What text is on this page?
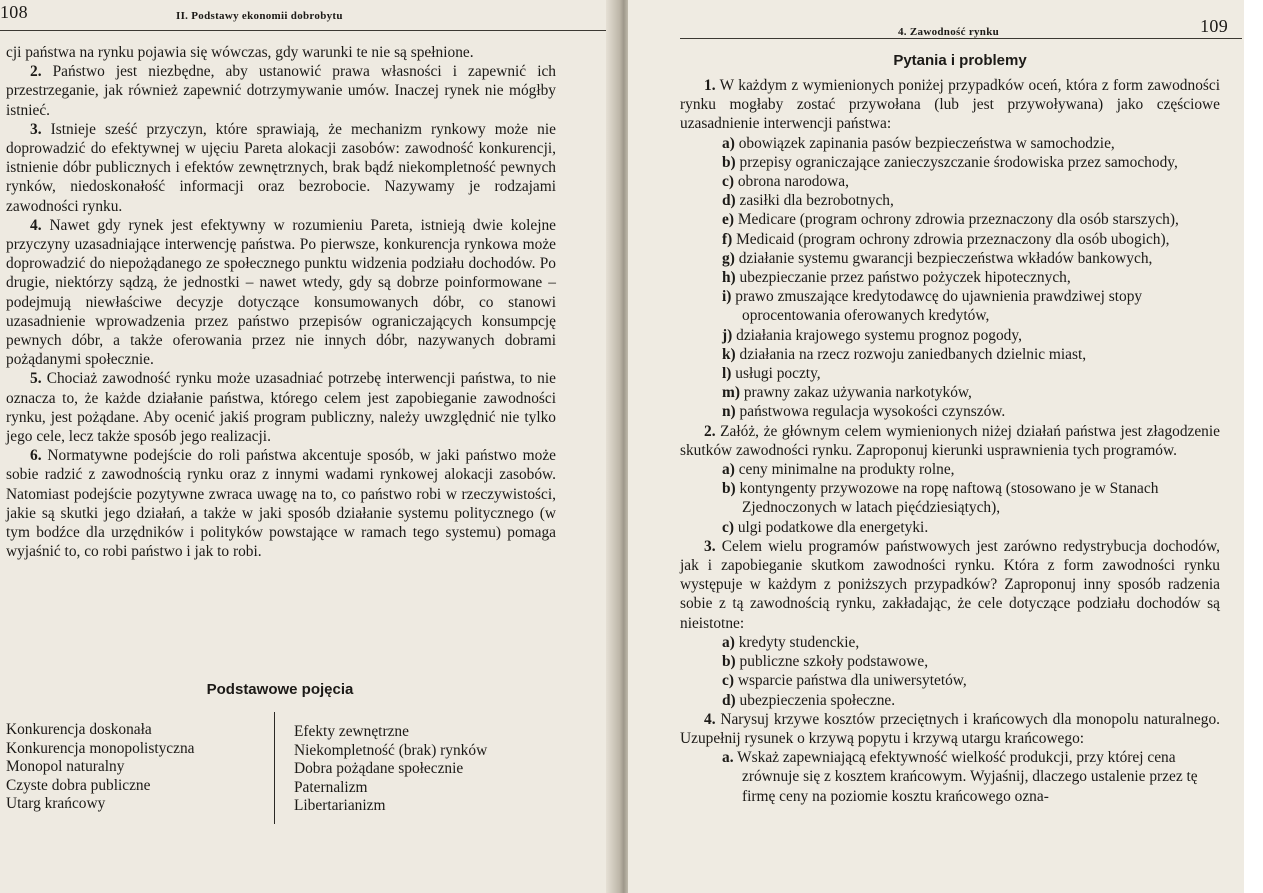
108	II. Podstawy ekonomii dobrobytu

cji państwa na rynku pojawia się wówczas, gdy warunki te nie są spełnione.

2. Państwo jest niezbędne, aby ustanowić prawa własności i zapewnić ich przestrzeganie, jak również zapewnić dotrzymywanie umów. Inaczej rynek nie mógłby istnieć.

3. Istnieje sześć przyczyn, które sprawiają, że mechanizm rynkowy może nie doprowadzić do efektywnej w ujęciu Pareta alokacji zasobów: zawodność konkurencji, istnienie dóbr publicznych i efektów zewnętrznych, brak bądź niekompletność pewnych rynków, niedoskonałość informacji oraz bezrobocie. Nazywamy je rodzajami zawodności rynku.

4. Nawet gdy rynek jest efektywny w rozumieniu Pareta, istnieją dwie kolejne przyczyny uzasadniające interwencję państwa. Po pierwsze, konkurencja rynkowa może doprowadzić do niepożądanego ze społecznego punktu widzenia podziału dochodów. Po drugie, niektórzy sądzą, że jednostki – nawet wtedy, gdy są dobrze poinformowane – podejmują niewłaściwe decyzje dotyczące konsumowanych dóbr, co stanowi uzasadnienie wprowadzenia przez państwo przepisów ograniczających konsumpcję pewnych dóbr, a także oferowania przez nie innych dóbr, nazywanych dobrami pożądanymi społecznie.

5. Chociaż zawodność rynku może uzasadniać potrzebę interwencji państwa, to nie oznacza to, że każde działanie państwa, którego celem jest zapobieganie zawodności rynku, jest pożądane. Aby ocenić jakiś program publiczny, należy uwzględnić nie tylko jego cele, lecz także sposób jego realizacji.

6. Normatywne podejście do roli państwa akcentuje sposób, w jaki państwo może sobie radzić z zawodnością rynku oraz z innymi wadami rynkowej alokacji zasobów. Natomiast podejście pozytywne zwraca uwagę na to, co państwo robi w rzeczywistości, jakie są skutki jego działań, a także w jaki sposób działanie systemu politycznego (w tym bodźce dla urzędników i polityków powstające w ramach tego systemu) pomaga wyjaśnić to, co robi państwo i jak to robi.

Podstawowe pojęcia
Konkurencja doskonała
Konkurencja monopolistyczna
Monopol naturalny
Czyste dobra publiczne
Utarg krańcowy
Efekty zewnętrzne
Niekompletność (brak) rynków
Dobra pożądane społecznie
Paternalizm
Libertarianizm
4. Zawodność rynku	109
Pytania i problemy

1. W każdym z wymienionych poniżej przypadków oceń, która z form zawodności rynku mogłaby zostać przywołana (lub jest przywoływana) jako częściowe uzasadnienie interwencji państwa:

a) obowiązek zapinania pasów bezpieczeństwa w samochodzie,
b) przepisy ograniczające zanieczyszczanie środowiska przez samochody,
c) obrona narodowa,
d) zasiłki dla bezrobotnych,
e) Medicare (program ochrony zdrowia przeznaczony dla osób starszych),
f) Medicaid (program ochrony zdrowia przeznaczony dla osób ubogich),
g) działanie systemu gwarancji bezpieczeństwa wkładów bankowych,
h) ubezpieczanie przez państwo pożyczek hipotecznych,
i) prawo zmuszające kredytodawcę do ujawnienia prawdziwej stopy oprocentowania oferowanych kredytów,
j) działania krajowego systemu prognoz pogody,
k) działania na rzecz rozwoju zaniedbanych dzielnic miast,
l) usługi poczty,
m) prawny zakaz używania narkotyków,
n) państwowa regulacja wysokości czynszów.

2. Załóż, że głównym celem wymienionych niżej działań państwa jest złagodzenie skutków zawodności rynku. Zaproponuj kierunki usprawnienia tych programów.

a) ceny minimalne na produkty rolne,
b) kontyngenty przywozowe na ropę naftową (stosowano je w Stanach Zjednoczonych w latach pięćdziesiątych),
c) ulgi podatkowe dla energetyki.

3. Celem wielu programów państwowych jest zarówno redystrybucja dochodów, jak i zapobieganie skutkom zawodności rynku. Która z form zawodności rynku występuje w każdym z poniższych przypadków? Zaproponuj inny sposób radzenia sobie z tą zawodnością rynku, zakładając, że cele dotyczące podziału dochodów są nieistotne:

a) kredyty studenckie,
b) publiczne szkoły podstawowe,
c) wsparcie państwa dla uniwersytetów,
d) ubezpieczenia społeczne.

4. Narysuj krzywe kosztów przeciętnych i krańcowych dla monopolu naturalnego. Uzupełnij rysunek o krzywą popytu i krzywą utargu krańcowego:

a. Wskaż zapewniającą efektywność wielkość produkcji, przy której cena zrównuje się z kosztem krańcowym. Wyjaśnij, dlaczego ustalenie przez tę firmę ceny na poziomie kosztu krańcowego ozna-
